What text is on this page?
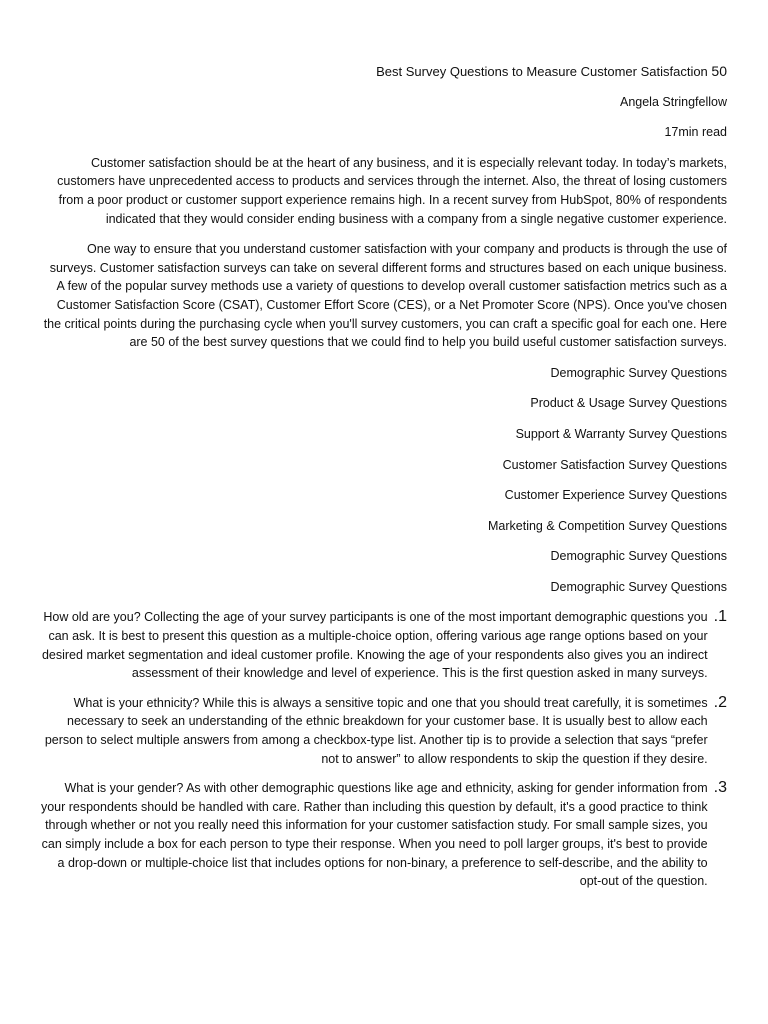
Best Survey Questions to Measure Customer Satisfaction 50

Angela Stringfellow

17min read

Customer satisfaction should be at the heart of any business, and it is especially relevant today. In today’s markets, customers have unprecedented access to products and services through the internet. Also, the threat of losing customers from a poor product or customer support experience remains high. In a recent survey from HubSpot, 80% of respondents indicated that they would consider ending business with a company from a single negative customer experience.

One way to ensure that you understand customer satisfaction with your company and products is through the use of surveys. Customer satisfaction surveys can take on several different forms and structures based on each unique business. A few of the popular survey methods use a variety of questions to develop overall customer satisfaction metrics such as a Customer Satisfaction Score (CSAT), Customer Effort Score (CES), or a Net Promoter Score (NPS). Once you've chosen the critical points during the purchasing cycle when you'll survey customers, you can craft a specific goal for each one. Here are 50 of the best survey questions that we could find to help you build useful customer satisfaction surveys.

Demographic Survey Questions

Product & Usage Survey Questions

Support & Warranty Survey Questions

Customer Satisfaction Survey Questions

Customer Experience Survey Questions

Marketing & Competition Survey Questions

Demographic Survey Questions

Demographic Survey Questions

1.

How old are you? Collecting the age of your survey participants is one of the most important demographic questions you can ask. It is best to present this question as a multiple-choice option, offering various age range options based on your desired market segmentation and ideal customer profile. Knowing the age of your respondents also gives you an indirect assessment of their knowledge and level of experience. This is the first question asked in many surveys.

2.

What is your ethnicity? While this is always a sensitive topic and one that you should treat carefully, it is sometimes necessary to seek an understanding of the ethnic breakdown for your customer base. It is usually best to allow each person to select multiple answers from among a checkbox-type list. Another tip is to provide a selection that says “prefer not to answer” to allow respondents to skip the question if they desire.

3.

What is your gender? As with other demographic questions like age and ethnicity, asking for gender information from your respondents should be handled with care. Rather than including this question by default, it's a good practice to think through whether or not you really need this information for your customer satisfaction study. For small sample sizes, you can simply include a box for each person to type their response. When you need to poll larger groups, it's best to provide a drop-down or multiple-choice list that includes options for non-binary, a preference to self-describe, and the ability to opt-out of the question.
